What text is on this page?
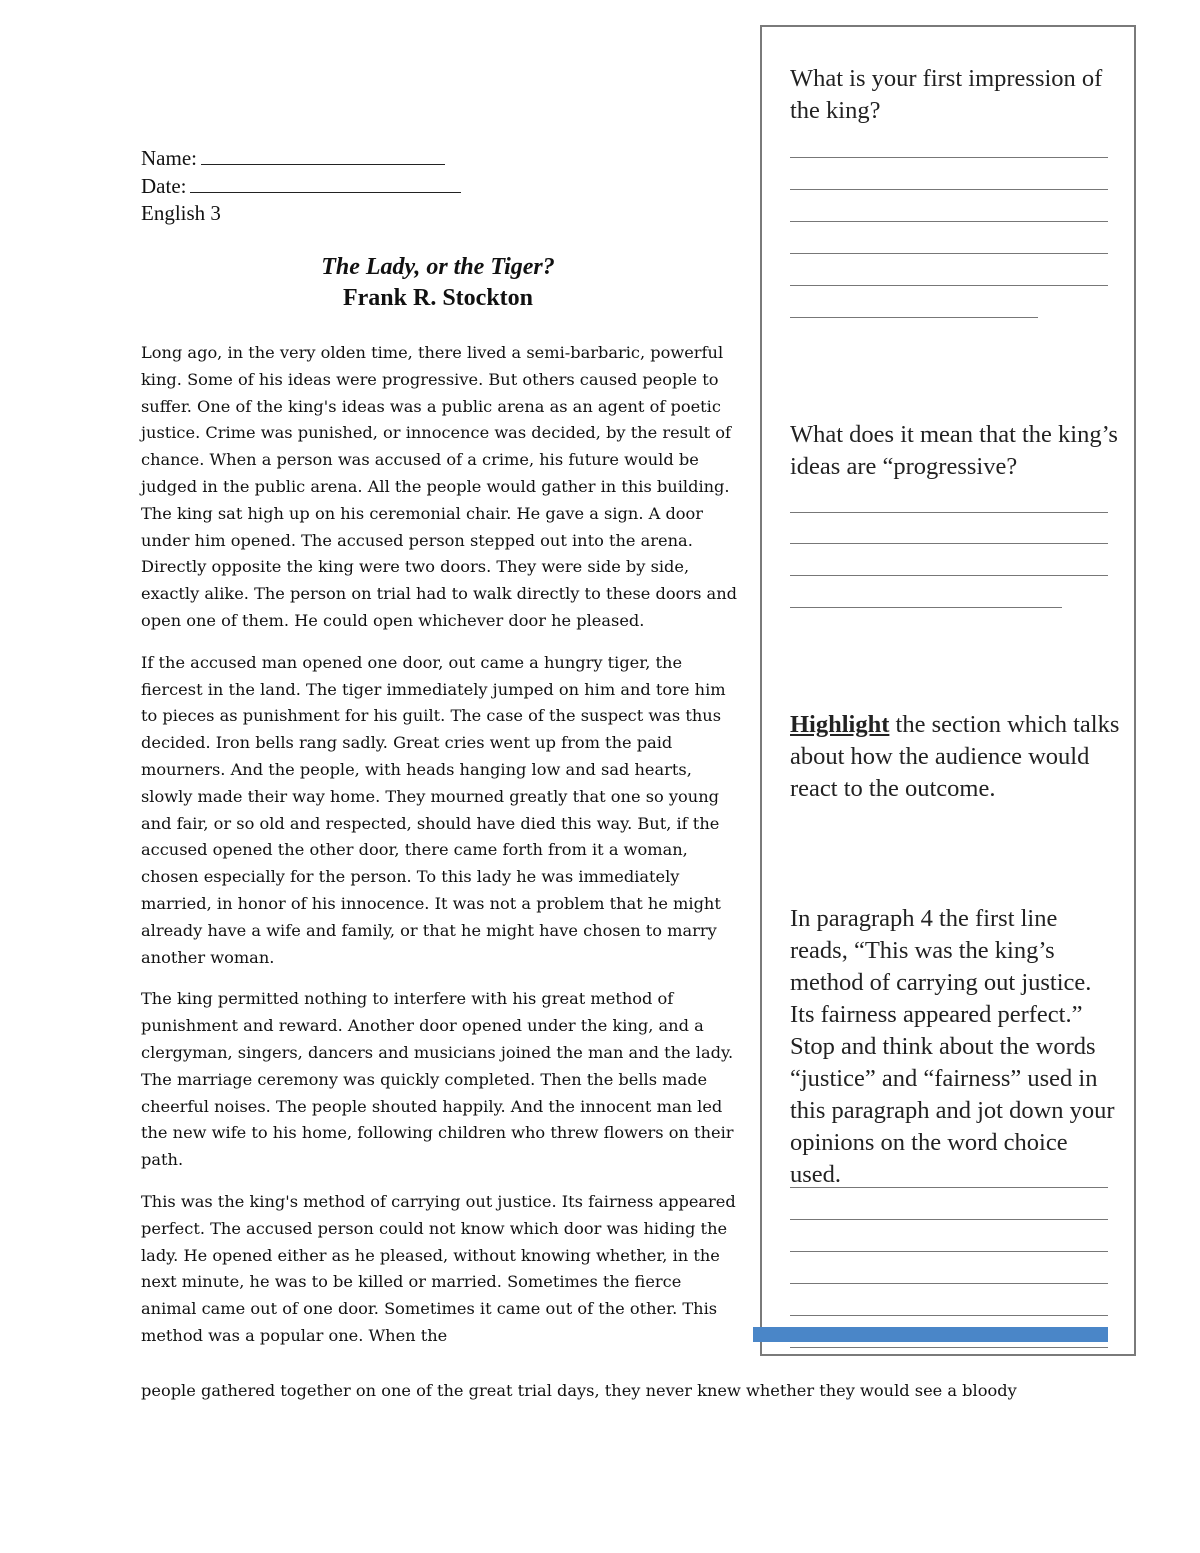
Name:
Date:
English 3
The Lady, or the Tiger?
Frank R. Stockton

Long ago, in the very olden time, there lived a semi-barbaric, powerful king. Some of his ideas were progressive. But others caused people to suffer. One of the king's ideas was a public arena as an agent of poetic justice. Crime was punished, or innocence was decided, by the result of chance. When a person was accused of a crime, his future would be judged in the public arena. All the people would gather in this building. The king sat high up on his ceremonial chair. He gave a sign. A door under him opened. The accused person stepped out into the arena. Directly opposite the king were two doors. They were side by side, exactly alike. The person on trial had to walk directly to these doors and open one of them. He could open whichever door he pleased.

If the accused man opened one door, out came a hungry tiger, the fiercest in the land. The tiger immediately jumped on him and tore him to pieces as punishment for his guilt. The case of the suspect was thus decided. Iron bells rang sadly. Great cries went up from the paid mourners. And the people, with heads hanging low and sad hearts, slowly made their way home. They mourned greatly that one so young and fair, or so old and respected, should have died this way. But, if the accused opened the other door, there came forth from it a woman, chosen especially for the person. To this lady he was immediately married, in honor of his innocence. It was not a problem that he might already have a wife and family, or that he might have chosen to marry another woman.

The king permitted nothing to interfere with his great method of punishment and reward. Another door opened under the king, and a clergyman, singers, dancers and musicians joined the man and the lady. The marriage ceremony was quickly completed. Then the bells made cheerful noises. The people shouted happily. And the innocent man led the new wife to his home, following children who threw flowers on their path.

This was the king's method of carrying out justice. Its fairness appeared perfect. The accused person could not know which door was hiding the lady. He opened either as he pleased, without knowing whether, in the next minute, he was to be killed or married. Sometimes the fierce animal came out of one door. Sometimes it came out of the other. This method was a popular one. When the

people gathered together on one of the great trial days, they never knew whether they would see a bloody
What is your first impression of the king?
What does it mean that the king’s ideas are “progressive?
Highlight the section which talks about how the audience would react to the outcome.
In paragraph 4 the first line reads, “This was the king’s method of carrying out justice. Its fairness appeared perfect.” Stop and think about the words “justice” and “fairness” used in this paragraph and jot down your opinions on the word choice used.
